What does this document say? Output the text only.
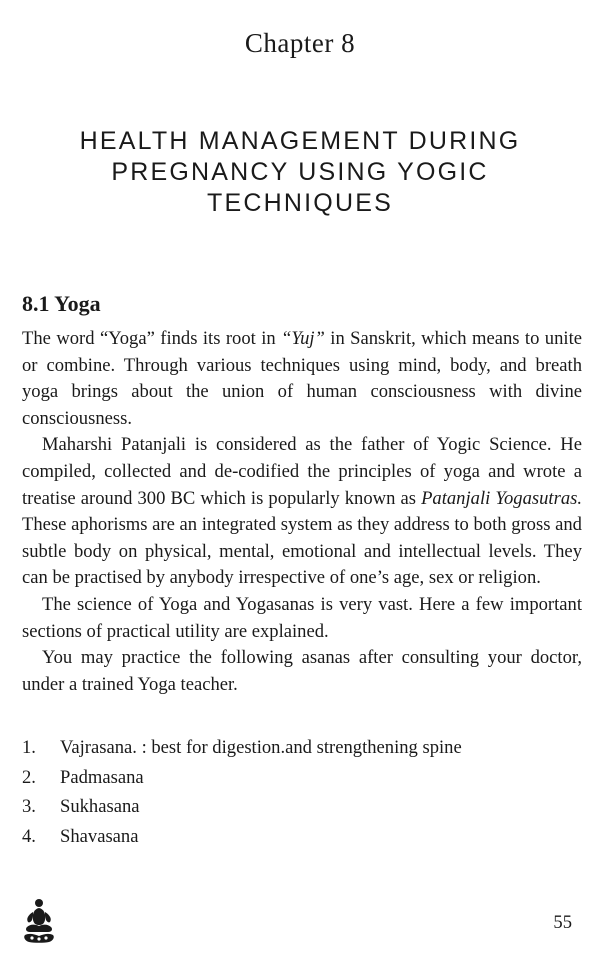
Chapter 8
HEALTH MANAGEMENT DURING
PREGNANCY USING YOGIC
TECHNIQUES
8.1 Yoga

The word “Yoga” finds its root in “Yuj” in Sanskrit, which means to unite or combine. Through various techniques using mind, body, and breath yoga brings about the union of human consciousness with divine consciousness.

Maharshi Patanjali is considered as the father of Yogic Science. He compiled, collected and de-codified the principles of yoga and wrote a treatise around 300 BC which is popularly known as Patanjali Yogasutras. These aphorisms are an integrated system as they address to both gross and subtle body on physical, mental, emotional and intellectual levels. They can be practised by anybody irrespective of one’s age, sex or religion.

The science of Yoga and Yogasanas is very vast. Here a few important sections of practical utility are explained.

You may practice the following asanas after consulting your doctor, under a trained Yoga teacher.

1.	Vajrasana. : best for digestion.and strengthening spine
2.	Padmasana
3.	Sukhasana
4.	Shavasana
55
